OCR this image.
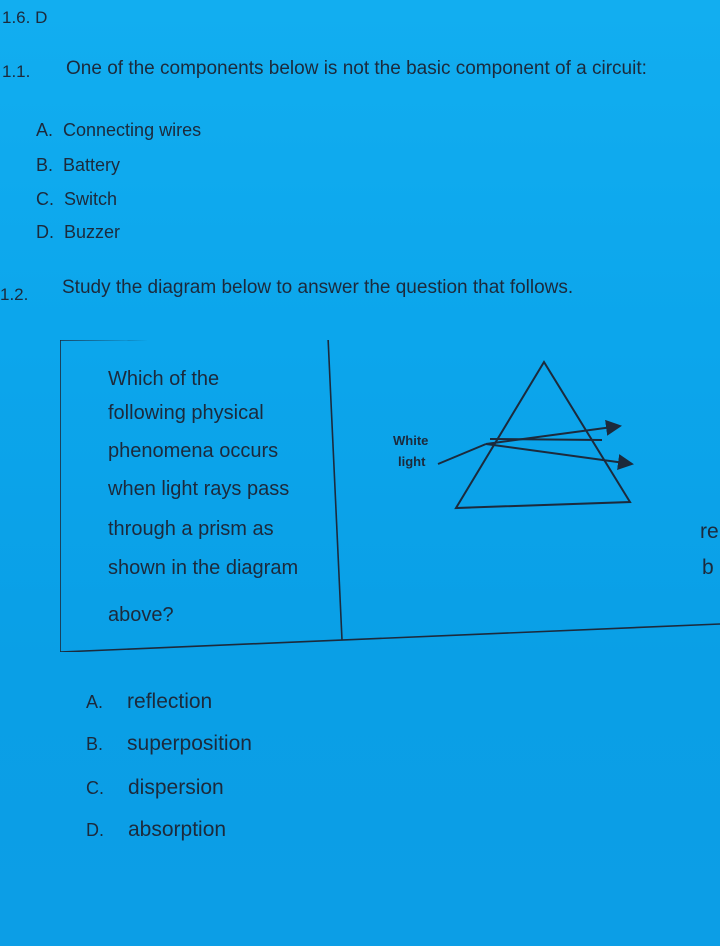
1.6. D
1.1. One of the components below is not the basic component of a circuit:
A. Connecting wires
B. Battery
C. Switch
D. Buzzer
1.2. Study the diagram below to answer the question that follows.
Which of the
following physical
phenomena occurs
when light rays pass
through a prism as
shown in the diagram
above?
White
light
re
b
A. reflection
B. superposition
C. dispersion
D. absorption
